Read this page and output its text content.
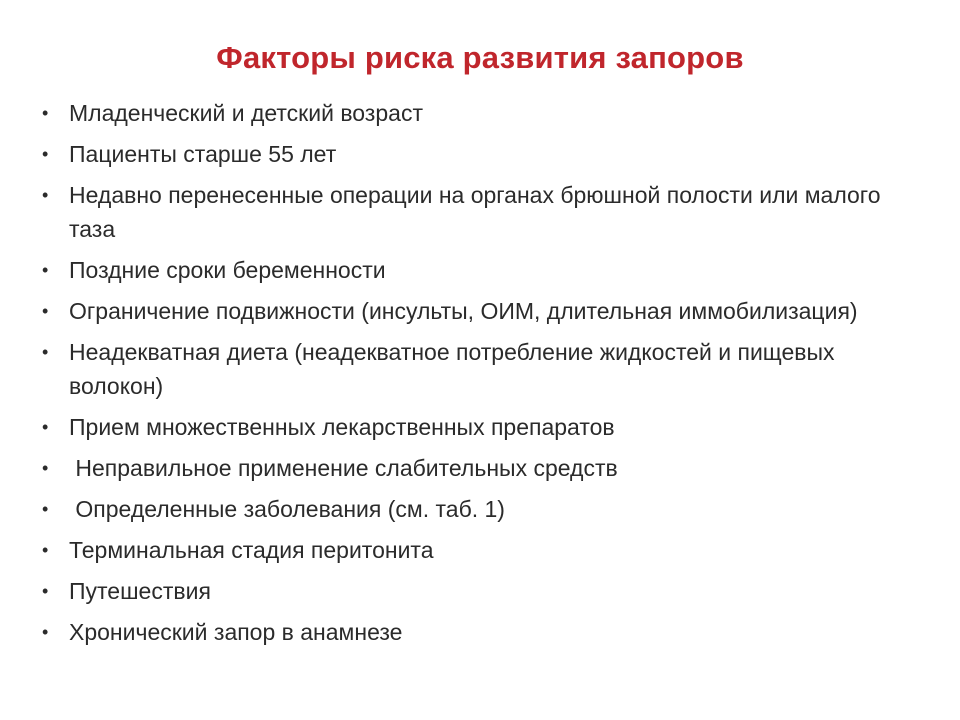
Факторы риска развития запоров
• Младенческий и детский возраст
• Пациенты старше 55 лет
• Недавно перенесенные операции на органах брюшной полости или малого таза
• Поздние сроки беременности
• Ограничение подвижности (инсульты, ОИМ, длительная иммобилизация)
• Неадекватная диета (неадекватное потребление жидкостей и пищевых волокон)
• Прием множественных лекарственных препаратов
• Неправильное применение слабительных средств
• Определенные заболевания (см. таб. 1)
• Терминальная стадия перитонита
• Путешествия
• Хронический запор в анамнезе
